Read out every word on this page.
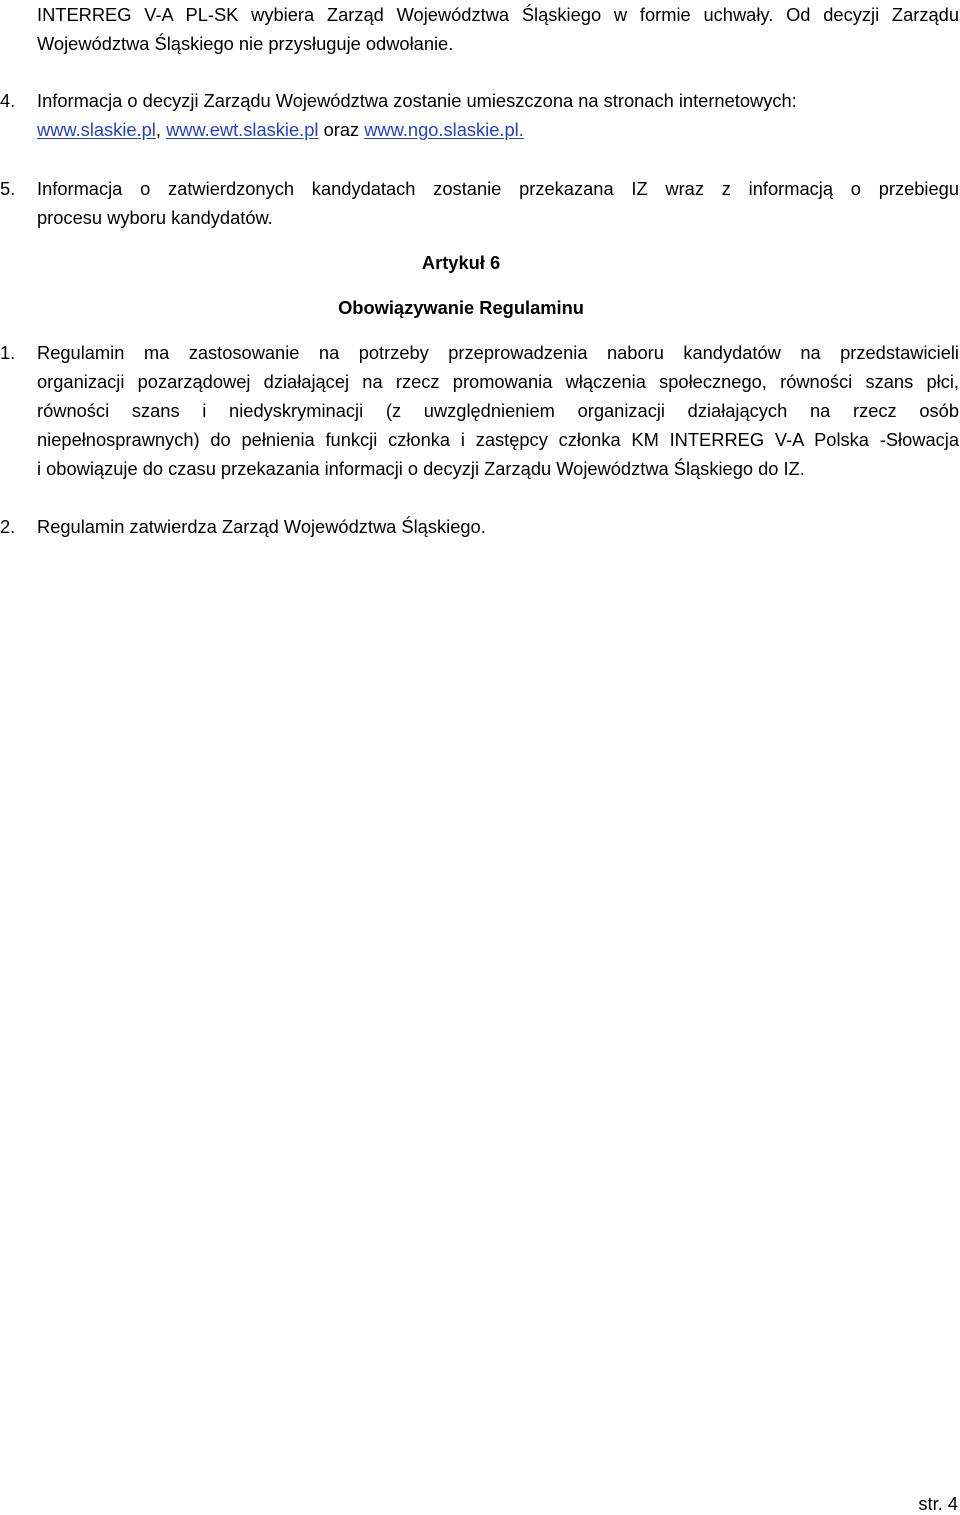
INTERREG V-A PL-SK wybiera Zarząd Województwa Śląskiego w formie uchwały. Od decyzji Zarządu
Województwa Śląskiego nie przysługuje odwołanie.
4. Informacja o decyzji Zarządu Województwa zostanie umieszczona na stronach internetowych:
www.slaskie.pl, www.ewt.slaskie.pl oraz www.ngo.slaskie.pl.
5. Informacja o zatwierdzonych kandydatach zostanie przekazana IZ wraz z informacją o przebiegu
procesu wyboru kandydatów.
Artykuł 6
Obowiązywanie Regulaminu
1. Regulamin ma zastosowanie na potrzeby przeprowadzenia naboru kandydatów na przedstawicieli
organizacji pozarządowej działającej na rzecz promowania włączenia społecznego, równości szans płci,
równości szans i niedyskryminacji (z uwzględnieniem organizacji działających na rzecz osób
niepełnosprawnych) do pełnienia funkcji członka i zastępcy członka KM INTERREG V-A Polska -Słowacja
i obowiązuje do czasu przekazania informacji o decyzji Zarządu Województwa Śląskiego do IZ.
2. Regulamin zatwierdza Zarząd Województwa Śląskiego.
str. 4
